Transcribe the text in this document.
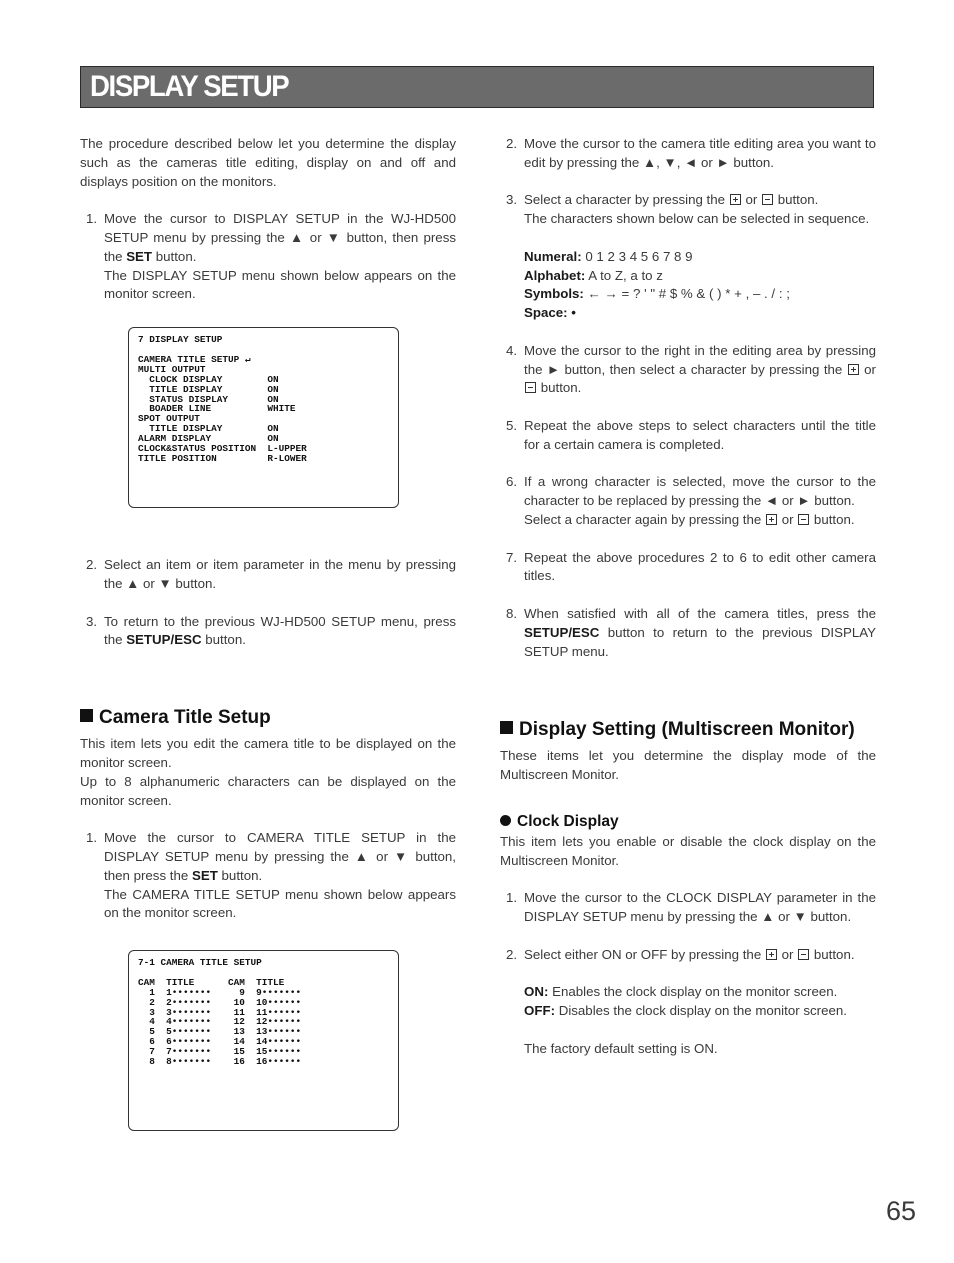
DISPLAY SETUP

The procedure described below let you determine the display such as the cameras title editing, display on and off and displays position on the monitors.

1. Move the cursor to DISPLAY SETUP in the WJ-HD500 SETUP menu by pressing the ▲ or ▼ button, then press the SET button.

The DISPLAY SETUP menu shown below appears on the monitor screen.

7 DISPLAY SETUP
CAMERA TITLE SETUP ↵
MULTI OUTPUT
CLOCK DISPLAY        ON
TITLE DISPLAY        ON
STATUS DISPLAY       ON
BOADER LINE          WHITE
SPOT OUTPUT
TITLE DISPLAY        ON
ALARM DISPLAY          ON
CLOCK&STATUS POSITION  L-UPPER
TITLE POSITION         R-LOWER
2. Select an item or item parameter in the menu by pressing the ▲ or ▼ button.

3. To return to the previous WJ-HD500 SETUP menu, press the SETUP/ESC button.

Camera Title Setup

This item lets you edit the camera title to be displayed on the monitor screen.

Up to 8 alphanumeric characters can be displayed on the monitor screen.

1. Move the cursor to CAMERA TITLE SETUP in the DISPLAY SETUP menu by pressing the ▲ or ▼ button, then press the SET button.

The CAMERA TITLE SETUP menu shown below appears on the monitor screen.

7-1 CAMERA TITLE SETUP
CAM  TITLE      CAM  TITLE
1  1•••••••     9  9•••••••
2  2•••••••    10  10••••••
3  3•••••••    11  11••••••
4  4•••••••    12  12••••••
5  5•••••••    13  13••••••
6  6•••••••    14  14••••••
7  7•••••••    15  15••••••
8  8•••••••    16  16••••••
2. Move the cursor to the camera title editing area you want to edit by pressing the ▲, ▼, ◄ or ► button.

3. Select a character by pressing the or button.

The characters shown below can be selected in sequence.

Numeral: 0 1 2 3 4 5 6 7 8 9

Alphabet: A to Z, a to z

Symbols: ← → = ? ' " # $ % & ( ) * + , – . / : ;

Space: •

4. Move the cursor to the right in the editing area by pressing the ► button, then select a character by pressing the or  button.

5. Repeat the above steps to select characters until the title for a certain camera is completed.

6. If a wrong character is selected, move the cursor to the character to be replaced by pressing the ◄ or ► button.

Select a character again by pressing the or button.

7. Repeat the above procedures 2 to 6 to edit other camera titles.

8. When satisfied with all of the camera titles, press the SETUP/ESC button to return to the previous DISPLAY SETUP menu.

Display Setting (Multiscreen Monitor)

These items let you determine the display mode of the Multiscreen Monitor.

Clock Display

This item lets you enable or disable the clock display on the Multiscreen Monitor.

1. Move the cursor to the CLOCK DISPLAY parameter in the DISPLAY SETUP menu by pressing the ▲ or ▼ button.

2. Select either ON or OFF by pressing the or button.

ON: Enables the clock display on the monitor screen.

OFF: Disables the clock display on the monitor screen.

The factory default setting is ON.

65
